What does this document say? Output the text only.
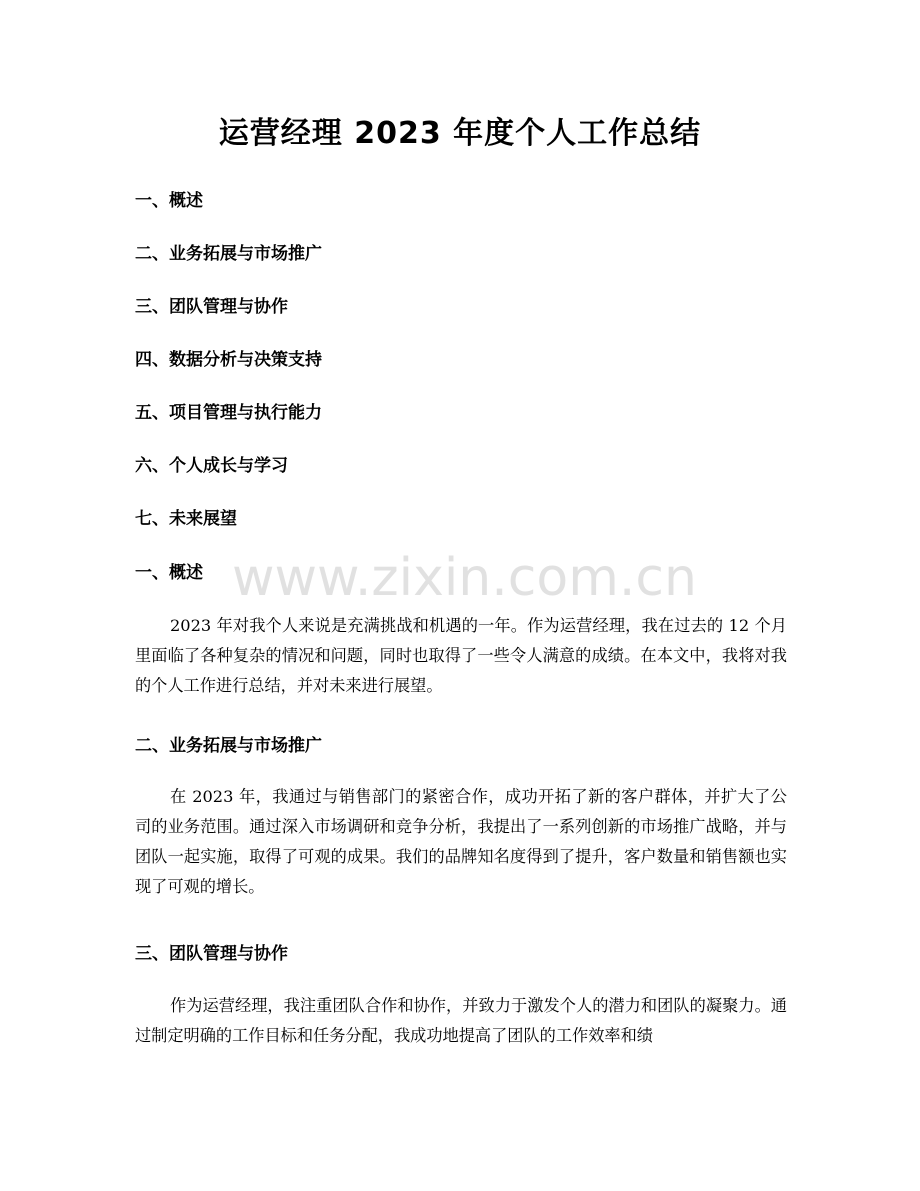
运营经理 2023 年度个人工作总结
一、概述
二、业务拓展与市场推广
三、团队管理与协作
四、数据分析与决策支持
五、项目管理与执行能力
六、个人成长与学习
七、未来展望
一、概述

2023 年对我个人来说是充满挑战和机遇的一年。作为运营经理，我在过去的 12 个月里面临了各种复杂的情况和问题，同时也取得了一些令人满意的成绩。在本文中，我将对我的个人工作进行总结，并对未来进行展望。

二、业务拓展与市场推广

在 2023 年，我通过与销售部门的紧密合作，成功开拓了新的客户群体，并扩大了公司的业务范围。通过深入市场调研和竞争分析，我提出了一系列创新的市场推广战略，并与团队一起实施，取得了可观的成果。我们的品牌知名度得到了提升，客户数量和销售额也实现了可观的增长。

三、团队管理与协作

作为运营经理，我注重团队合作和协作，并致力于激发个人的潜力和团队的凝聚力。通过制定明确的工作目标和任务分配，我成功地提高了团队的工作效率和绩

www.zixin.com.cn
